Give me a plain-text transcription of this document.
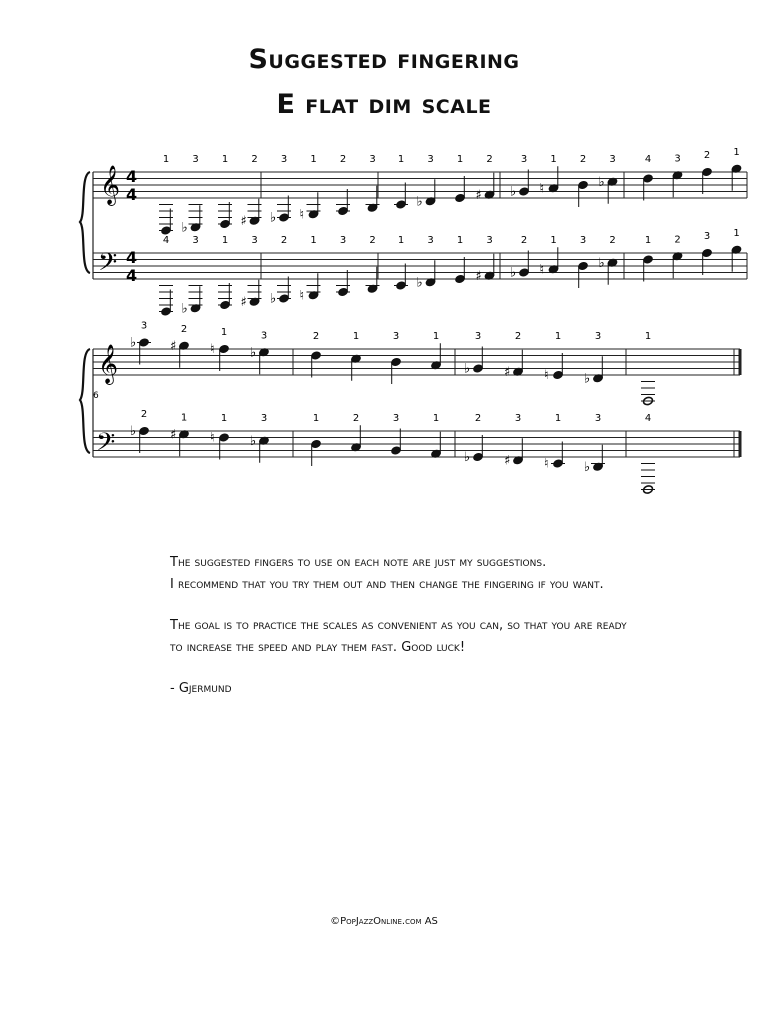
Suggested fingering
E flat dim scale
𝄞
𝄢
4
4
4
4
𝄞
𝄢
6
♭	♯ ♭ ♮
♭	♯ ♭ ♮	♭
♭	♯	♮	♭
♭	♯	♮	♭
♭	♯ ♭ ♮
♭	♯ ♭ ♮	♭
♭	♯	♮	♭
♭	♯	♮	♭
1 3 1 2 3 1 2 3 1 3 1 2	3 1 2 3	4 3 2 1
3	2	1	3	2	1	3	1	3	2	1	3	1
4 3 1 3 2 1 3 2 1 3 1 3	2 1 3 2	1 2 3 1
2	1	1	3	1	2	3	1	2	3	1	3	4
The suggested fingers to use on each note are just my suggestions.
I recommend that you try them out and then change the fingering if you want.
The goal is to practice the scales as convenient as you can, so that you are ready
to increase the speed and play them fast. Good luck!
- Gjermund
©PopJazzOnline.com AS
